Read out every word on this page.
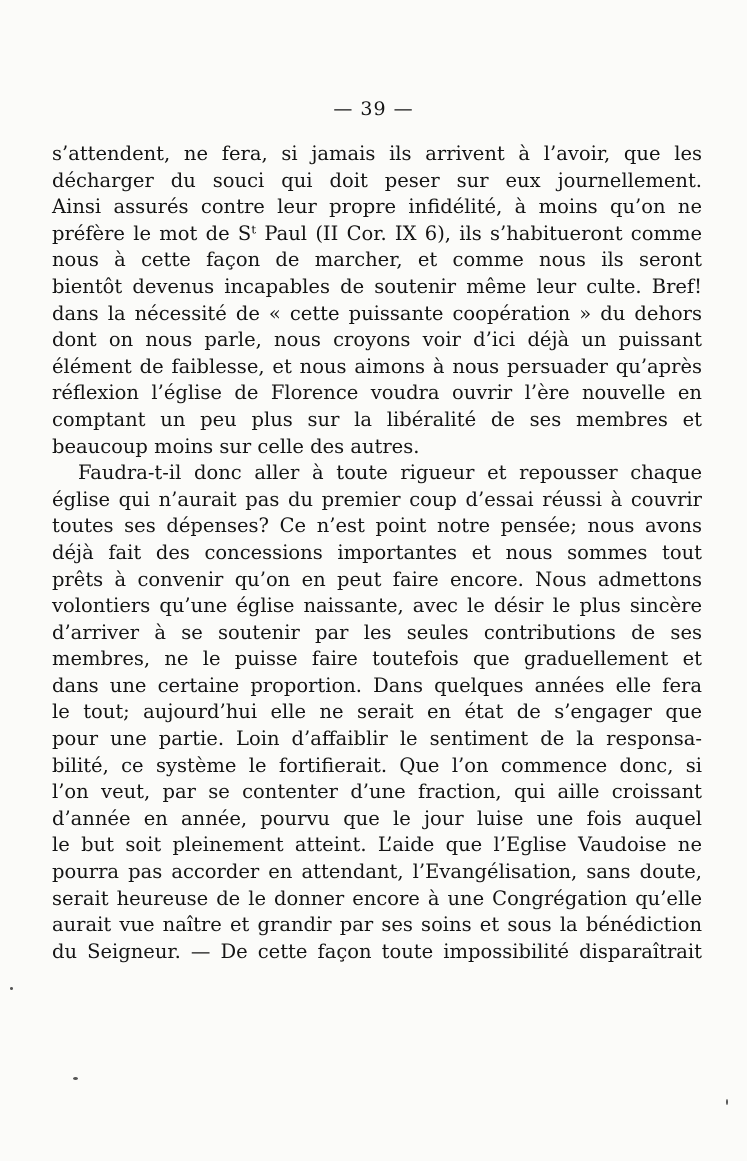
— 39 —
s’attendent, ne fera, si jamais ils arrivent à l’avoir, que les
décharger du souci qui doit peser sur eux journellement.
Ainsi assurés contre leur propre infidélité, à moins qu’on ne
préfère le mot de Sᵗ Paul (II Cor. IX 6), ils s’habitueront comme
nous à cette façon de marcher, et comme nous ils seront
bientôt devenus incapables de soutenir même leur culte. Bref!
dans la nécessité de « cette puissante coopération » du dehors
dont on nous parle, nous croyons voir d’ici déjà un puissant
élément de faiblesse, et nous aimons à nous persuader qu’après
réflexion l’église de Florence voudra ouvrir l’ère nouvelle en
comptant un peu plus sur la libéralité de ses membres et
beaucoup moins sur celle des autres.
Faudra-t-il donc aller à toute rigueur et repousser chaque
église qui n’aurait pas du premier coup d’essai réussi à couvrir
toutes ses dépenses? Ce n’est point notre pensée; nous avons
déjà fait des concessions importantes et nous sommes tout
prêts à convenir qu’on en peut faire encore. Nous admettons
volontiers qu’une église naissante, avec le désir le plus sincère
d’arriver à se soutenir par les seules contributions de ses
membres, ne le puisse faire toutefois que graduellement et
dans une certaine proportion. Dans quelques années elle fera
le tout; aujourd’hui elle ne serait en état de s’engager que
pour une partie. Loin d’affaiblir le sentiment de la responsa-
bilité, ce système le fortifierait. Que l’on commence donc, si
l’on veut, par se contenter d’une fraction, qui aille croissant
d’année en année, pourvu que le jour luise une fois auquel
le but soit pleinement atteint. L’aide que l’Eglise Vaudoise ne
pourra pas accorder en attendant, l’Evangélisation, sans doute,
serait heureuse de le donner encore à une Congrégation qu’elle
aurait vue naître et grandir par ses soins et sous la bénédiction
du Seigneur. — De cette façon toute impossibilité disparaîtrait
